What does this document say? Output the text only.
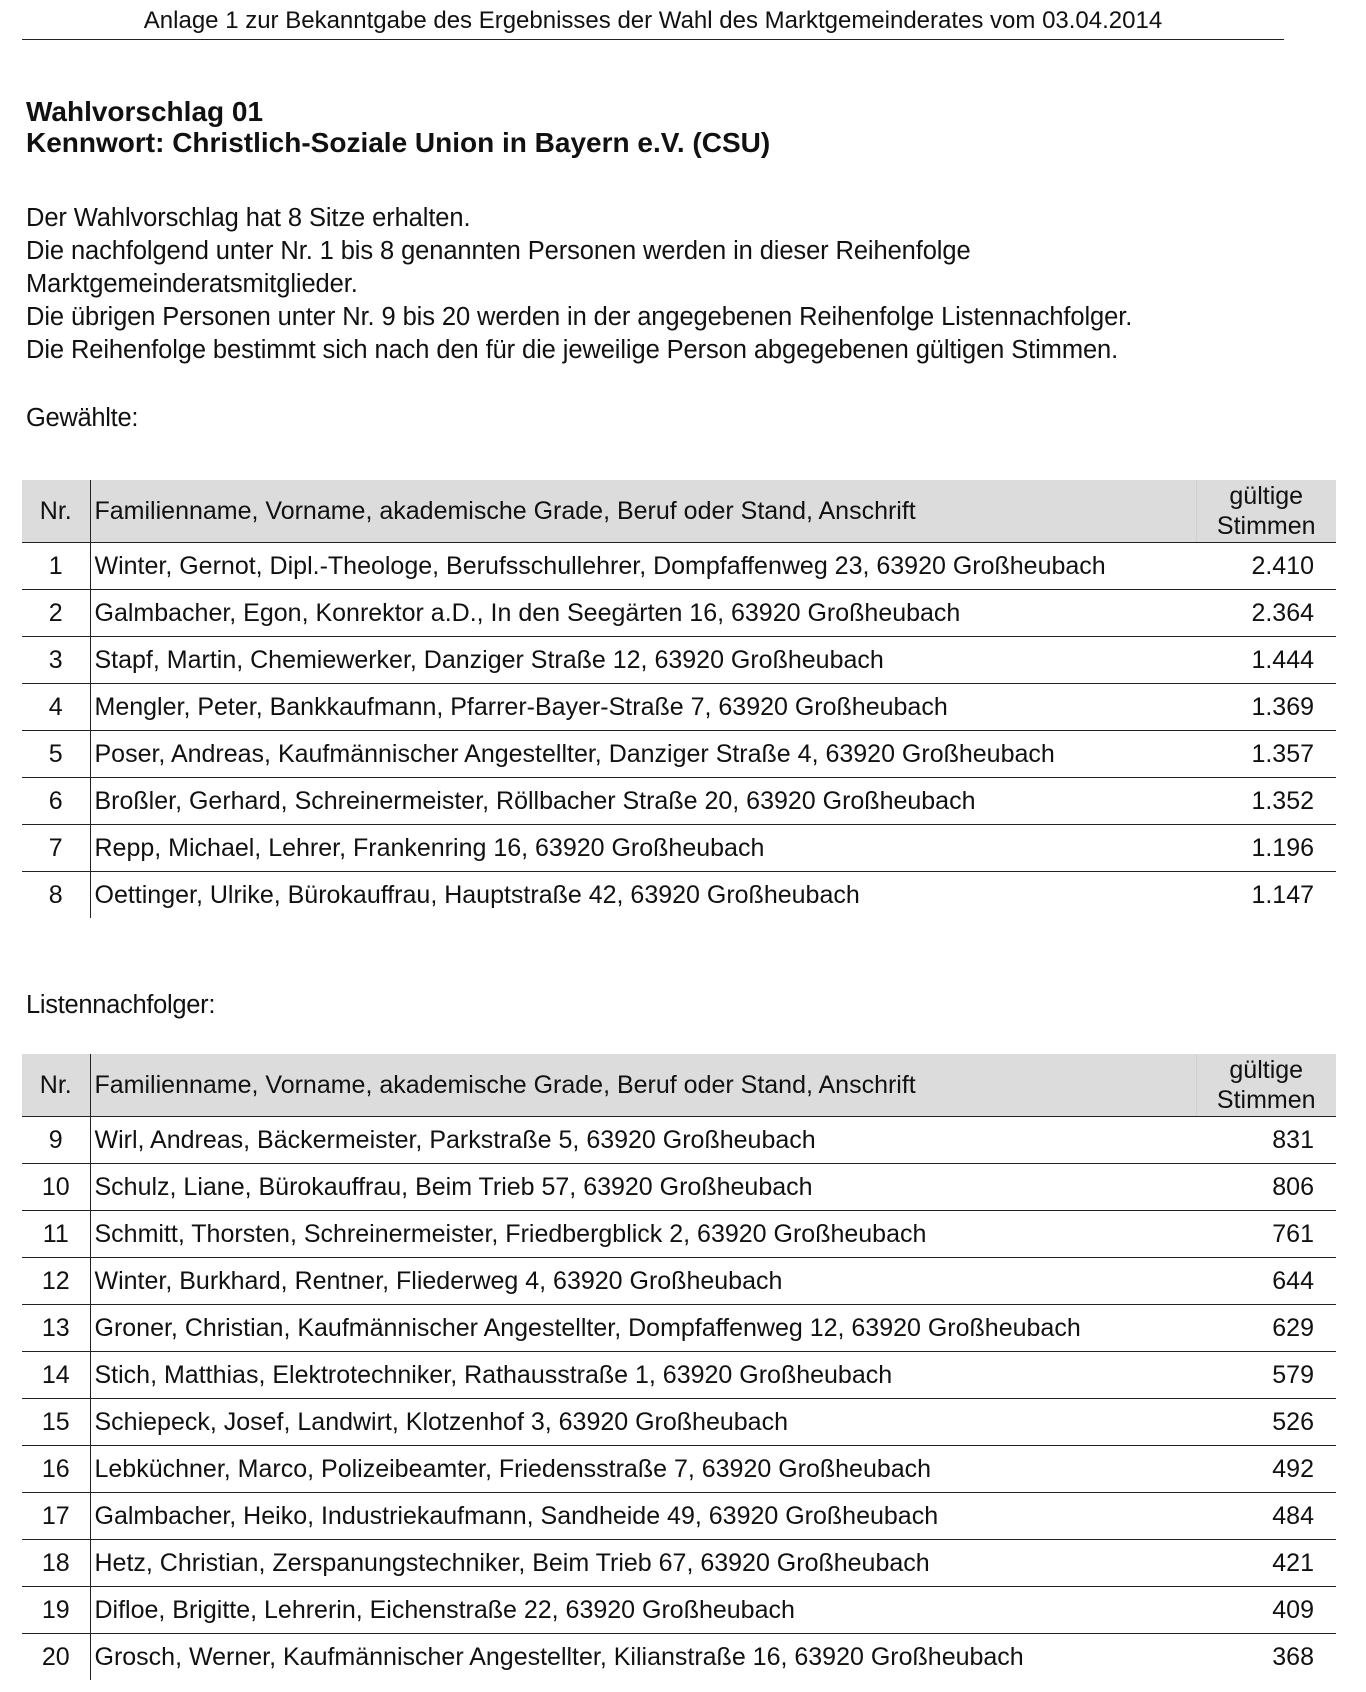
Anlage 1 zur Bekanntgabe des Ergebnisses der Wahl des Marktgemeinderates vom 03.04.2014
Wahlvorschlag 01
Kennwort: Christlich-Soziale Union in Bayern e.V. (CSU)
Der Wahlvorschlag hat 8 Sitze erhalten.
Die nachfolgend unter Nr. 1 bis 8 genannten Personen werden in dieser Reihenfolge
Marktgemeinderatsmitglieder.
Die übrigen Personen unter Nr. 9 bis 20 werden in der angegebenen Reihenfolge Listennachfolger.
Die Reihenfolge bestimmt sich nach den für die jeweilige Person abgegebenen gültigen Stimmen.
Gewählte:
Nr.	Familienname, Vorname, akademische Grade, Beruf oder Stand, Anschrift	gültige
Stimmen
1	Winter, Gernot, Dipl.-Theologe, Berufsschullehrer, Dompfaffenweg 23, 63920 Großheubach	2.410
2	Galmbacher, Egon, Konrektor a.D., In den Seegärten 16, 63920 Großheubach	2.364
3	Stapf, Martin, Chemiewerker, Danziger Straße 12, 63920 Großheubach	1.444
4	Mengler, Peter, Bankkaufmann, Pfarrer-Bayer-Straße 7, 63920 Großheubach	1.369
5	Poser, Andreas, Kaufmännischer Angestellter, Danziger Straße 4, 63920 Großheubach	1.357
6	Broßler, Gerhard, Schreinermeister, Röllbacher Straße 20, 63920 Großheubach	1.352
7	Repp, Michael, Lehrer, Frankenring 16, 63920 Großheubach	1.196
8	Oettinger, Ulrike, Bürokauffrau, Hauptstraße 42, 63920 Großheubach	1.147
Listennachfolger:
Nr.	Familienname, Vorname, akademische Grade, Beruf oder Stand, Anschrift	gültige
Stimmen
9	Wirl, Andreas, Bäckermeister, Parkstraße 5, 63920 Großheubach	831
10	Schulz, Liane, Bürokauffrau, Beim Trieb 57, 63920 Großheubach	806
11	Schmitt, Thorsten, Schreinermeister, Friedbergblick 2, 63920 Großheubach	761
12	Winter, Burkhard, Rentner, Fliederweg 4, 63920 Großheubach	644
13	Groner, Christian, Kaufmännischer Angestellter, Dompfaffenweg 12, 63920 Großheubach	629
14	Stich, Matthias, Elektrotechniker, Rathausstraße 1, 63920 Großheubach	579
15	Schiepeck, Josef, Landwirt, Klotzenhof 3, 63920 Großheubach	526
16	Lebküchner, Marco, Polizeibeamter, Friedensstraße 7, 63920 Großheubach	492
17	Galmbacher, Heiko, Industriekaufmann, Sandheide 49, 63920 Großheubach	484
18	Hetz, Christian, Zerspanungstechniker, Beim Trieb 67, 63920 Großheubach	421
19	Difloe, Brigitte, Lehrerin, Eichenstraße 22, 63920 Großheubach	409
20	Grosch, Werner, Kaufmännischer Angestellter, Kilianstraße 16, 63920 Großheubach	368
